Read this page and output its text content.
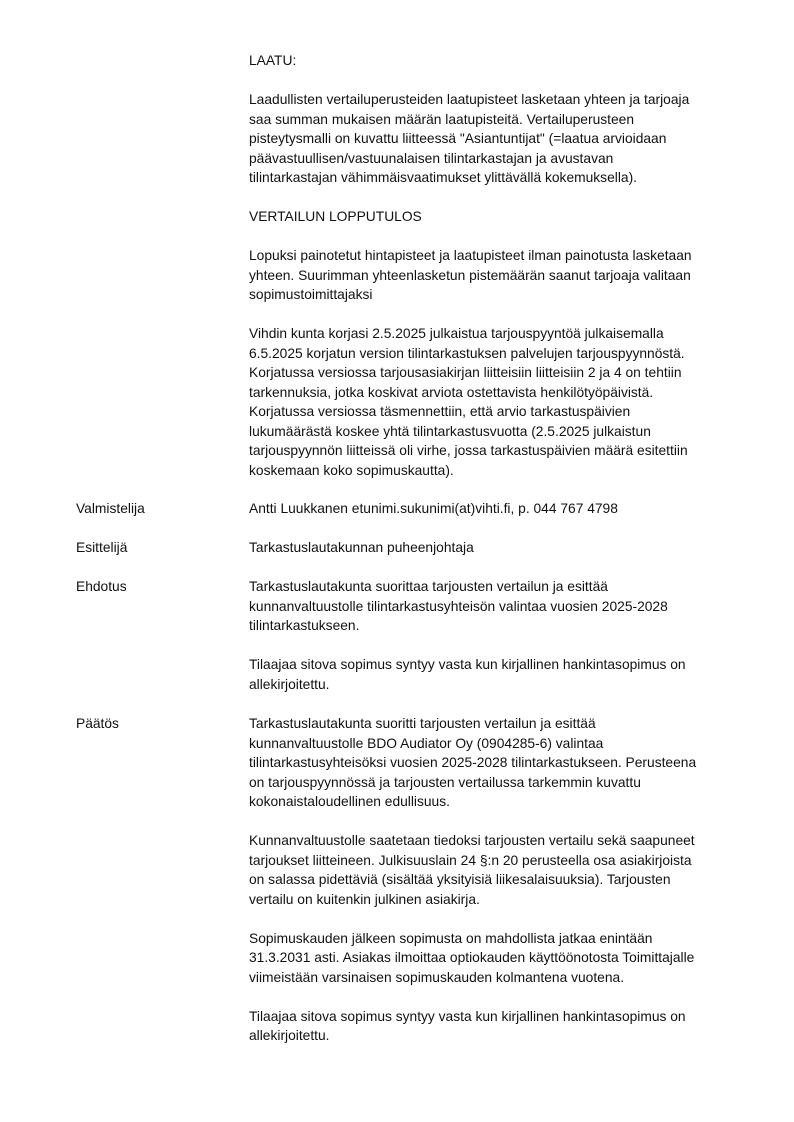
LAATU:

Laadullisten vertailuperusteiden laatupisteet lasketaan yhteen ja tarjoaja
saa summan mukaisen määrän laatupisteitä. Vertailuperusteen
pisteytysmalli on kuvattu liitteessä "Asiantuntijat" (=laatua arvioidaan
päävastuullisen/vastuunalaisen tilintarkastajan ja avustavan
tilintarkastajan vähimmäisvaatimukset ylittävällä kokemuksella).

VERTAILUN LOPPUTULOS

Lopuksi painotetut hintapisteet ja laatupisteet ilman painotusta lasketaan
yhteen. Suurimman yhteenlasketun pistemäärän saanut tarjoaja valitaan
sopimustoimittajaksi

Vihdin kunta korjasi 2.5.2025 julkaistua tarjouspyyntöä julkaisemalla
6.5.2025 korjatun version tilintarkastuksen palvelujen tarjouspyynnöstä.
Korjatussa versiossa tarjousasiakirjan liitteisiin liitteisiin 2 ja 4 on tehtiin
tarkennuksia, jotka koskivat arviota ostettavista henkilötyöpäivistä.
Korjatussa versiossa täsmennettiin, että arvio tarkastuspäivien
lukumäärästä koskee yhtä tilintarkastusvuotta (2.5.2025 julkaistun
tarjouspyynnön liitteissä oli virhe, jossa tarkastuspäivien määrä esitettiin
koskemaan koko sopimuskautta).

Valmistelija	Antti Luukkanen etunimi.sukunimi(at)vihti.fi, p. 044 767 4798

Esittelijä	Tarkastuslautakunnan puheenjohtaja

Ehdotus	Tarkastuslautakunta suorittaa tarjousten vertailun ja esittää
kunnanvaltuustolle tilintarkastusyhteisön valintaa vuosien 2025-2028
tilintarkastukseen.

Tilaajaa sitova sopimus syntyy vasta kun kirjallinen hankintasopimus on
allekirjoitettu.

Päätös	Tarkastuslautakunta suoritti tarjousten vertailun ja esittää
kunnanvaltuustolle BDO Audiator Oy (0904285-6) valintaa
tilintarkastusyhteisöksi vuosien 2025-2028 tilintarkastukseen. Perusteena
on tarjouspyynnössä ja tarjousten vertailussa tarkemmin kuvattu
kokonaistaloudellinen edullisuus.

Kunnanvaltuustolle saatetaan tiedoksi tarjousten vertailu sekä saapuneet
tarjoukset liitteineen. Julkisuuslain 24 §:n 20 perusteella osa asiakirjoista
on salassa pidettäviä (sisältää yksityisiä liikesalaisuuksia). Tarjousten
vertailu on kuitenkin julkinen asiakirja.

Sopimuskauden jälkeen sopimusta on mahdollista jatkaa enintään
31.3.2031 asti. Asiakas ilmoittaa optiokauden käyttöönotosta Toimittajalle
viimeistään varsinaisen sopimuskauden kolmantena vuotena.

Tilaajaa sitova sopimus syntyy vasta kun kirjallinen hankintasopimus on
allekirjoitettu.
